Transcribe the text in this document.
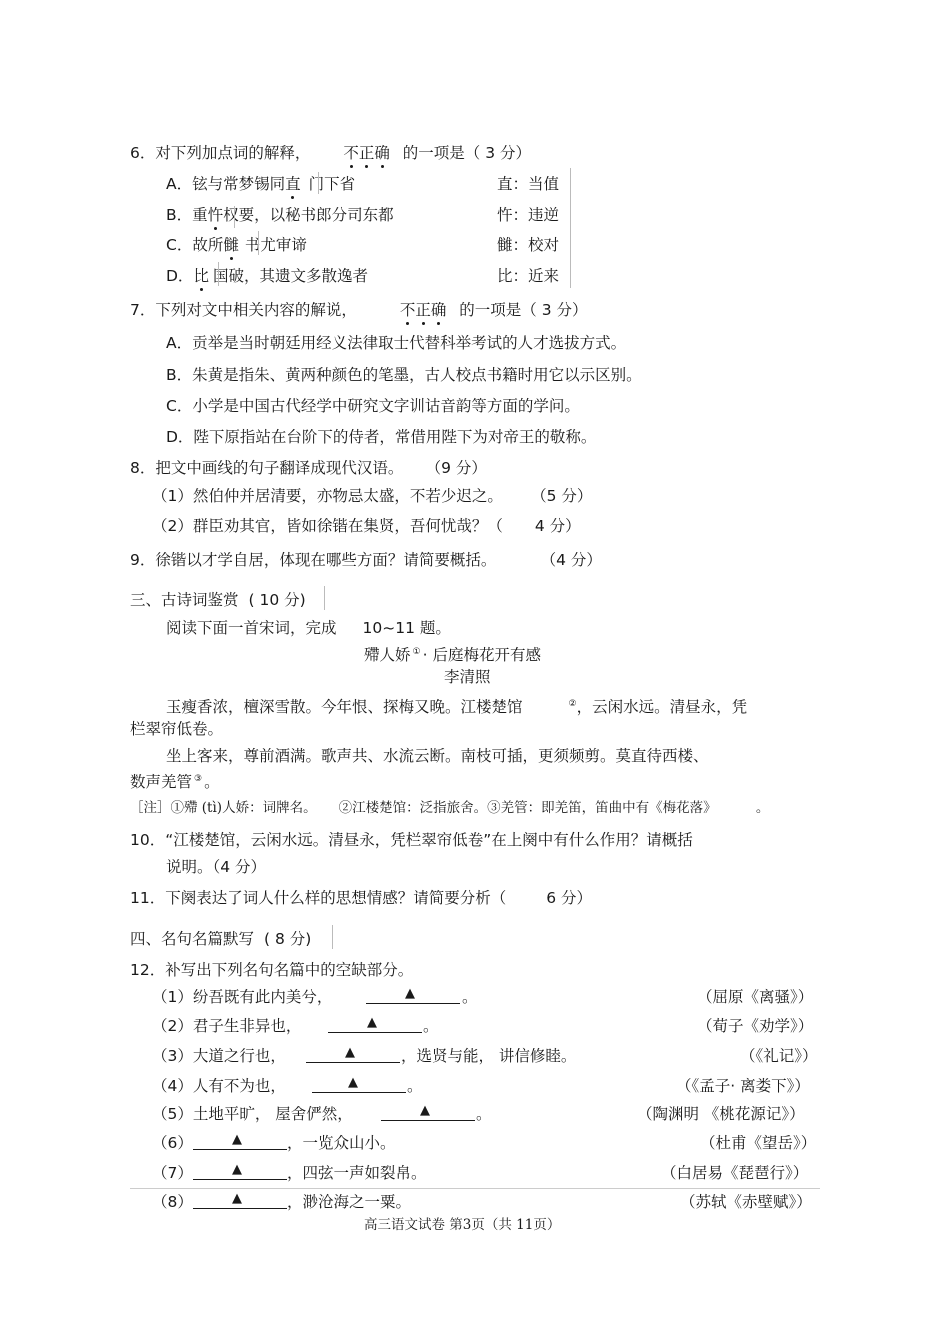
6．对下列加点词的解释， 不正确 的一项是（ 3 分）
A．铉与常梦锡同直 门下省	直：当值
B．重忤权要，以秘书郎分司东都	忤：违逆
C．故所雠 书尤审谛	雠：校对
D．比 国破，其遗文多散逸者	比：近来
7．下列对文中相关内容的解说，	不正确 的一项是（ 3 分）
A．贡举是当时朝廷用经义法律取士代替科举考试的人才选拔方式。
B．朱黄是指朱、黄两种颜色的笔墨，古人校点书籍时用它以示区别。
C．小学是中国古代经学中研究文字训诂音韵等方面的学问。
D．陛下原指站在台阶下的侍者，常借用陛下为对帝王的敬称。
8．把文中画线的句子翻译成现代汉语。 （9 分）
（1）然伯仲并居清要，亦物忌太盛，不若少迟之。 （5 分）
（2）群臣劝其官，皆如徐锴在集贤，吾何忧哉？（ 4 分）
9．徐锴以才学自居，体现在哪些方面？请简要概括。	（4 分）
三、古诗词鉴赏 ( 10 分)
阅读下面一首宋词，完成 10~11 题。
殢人娇 ① · 后庭梅花开有感
李清照
玉瘦香浓，檀深雪散。今年恨、探梅又晚。江楼楚馆	②，云闲水远。清昼永，凭
栏翠帘低卷。
坐上客来，尊前酒满。歌声共、水流云断。南枝可插，更须频剪。莫直待西楼、
数声羌管 ③ 。
［注］①殢 (tì)人娇：词牌名。 ②江楼楚馆：泛指旅舍。③羌管：即羌笛，笛曲中有《梅花落》	。
10．“江楼楚馆，云闲水远。清昼永，凭栏翠帘低卷”在上阕中有什么作用？请概括
说明。（4 分）
11．下阕表达了词人什么样的思想情感？请简要分析（	6 分）
四、名句名篇默写 ( 8 分)
12．补写出下列名句名篇中的空缺部分。
（1）纷吾既有此内美兮，	▲	。	（屈原《离骚》）
（2）君子生非异也，	▲	。	（荀子《劝学》）
（3）大道之行也，	▲	，选贤与能， 讲信修睦。	（《礼记》）
（4）人有不为也，	▲	。	（《孟子· 离娄下》）
（5）土地平旷， 屋舍俨然，	▲	。	（陶渊明 《桃花源记》）
（6）	▲	，一览众山小。	（杜甫《望岳》）
（7）	▲	，四弦一声如裂帛。	（白居易《琵琶行》）
（8）	▲	，渺沧海之一粟。	（苏轼《赤壁赋》）
高三语文试卷 第3页（共 11页）
